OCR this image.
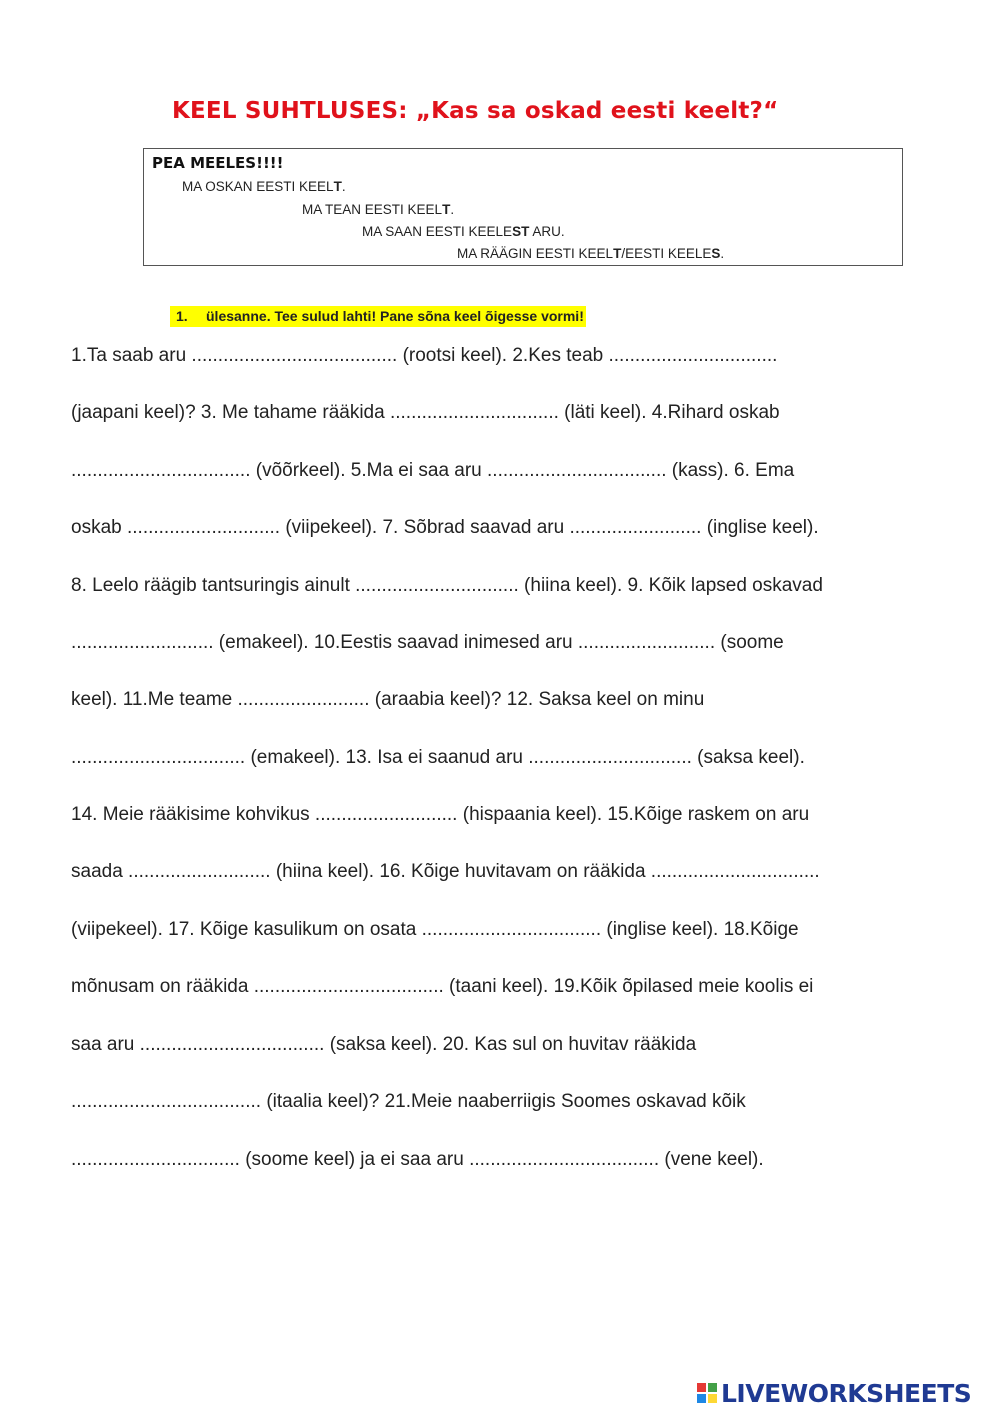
KEEL SUHTLUSES: „Kas sa oskad eesti keelt?“
PEA MEELES!!!!
MA OSKAN EESTI KEELT.
MA TEAN EESTI KEELT.
MA SAAN EESTI KEELEST ARU.
MA RÄÄGIN EESTI KEELT/EESTI KEELES.
1. ülesanne. Tee sulud lahti! Pane sõna keel õigesse vormi!
1.Ta saab aru ....................................... (rootsi keel). 2.Kes teab ................................
(jaapani keel)? 3. Me tahame rääkida ................................ (läti keel). 4.Rihard oskab
.................................. (võõrkeel). 5.Ma ei saa aru .................................. (kass). 6. Ema
oskab ............................. (viipekeel). 7. Sõbrad saavad aru ......................... (inglise keel).
8. Leelo räägib tantsuringis ainult ............................... (hiina keel). 9. Kõik lapsed oskavad
........................... (emakeel). 10.Eestis saavad inimesed aru .......................... (soome
keel). 11.Me teame ......................... (araabia keel)? 12. Saksa keel on minu
................................. (emakeel). 13. Isa ei saanud aru ............................... (saksa keel).
14. Meie rääkisime kohvikus ........................... (hispaania keel). 15.Kõige raskem on aru
saada ........................... (hiina keel). 16. Kõige huvitavam on rääkida ................................
(viipekeel). 17. Kõige kasulikum on osata .................................. (inglise keel). 18.Kõige
mõnusam on rääkida .................................... (taani keel). 19.Kõik õpilased meie koolis ei
saa aru ................................... (saksa keel). 20. Kas sul on huvitav rääkida
.................................... (itaalia keel)? 21.Meie naaberriigis Soomes oskavad kõik
................................ (soome keel) ja ei saa aru .................................... (vene keel).
LIVEWORKSHEETS
